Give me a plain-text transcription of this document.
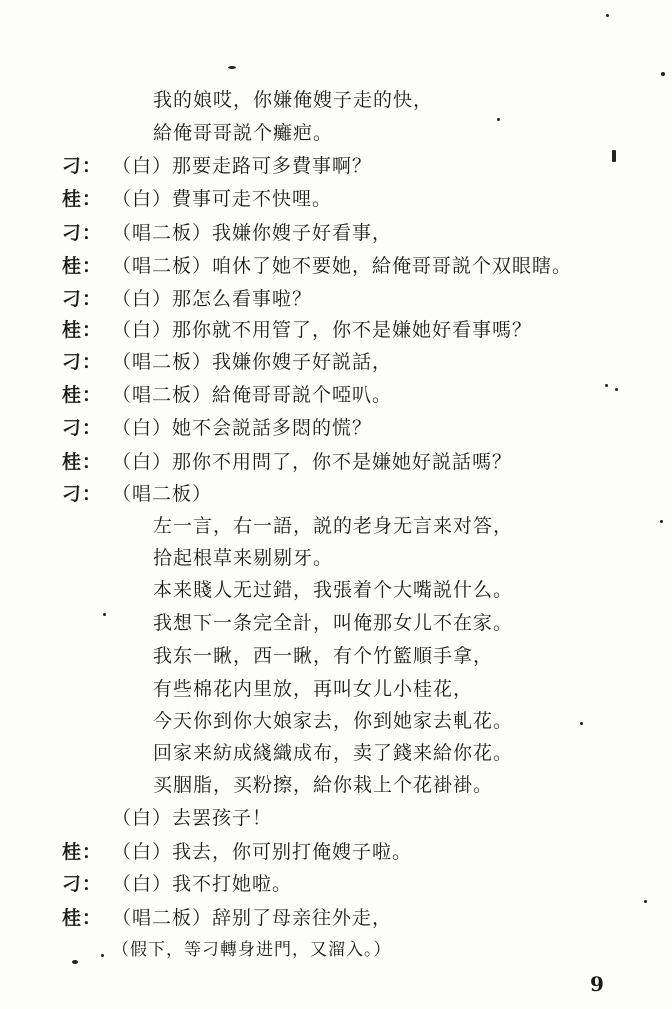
我的娘哎，你嫌俺嫂子走的快，
給俺哥哥説个癱疤。
刁： （白）那要走路可多費事啊？
桂： （白）費事可走不快哩。
刁： （唱二板）我嫌你嫂子好看事，
桂： （唱二板）咱休了她不要她，給俺哥哥説个双眼瞎。
刁： （白）那怎么看事啦？
桂： （白）那你就不用管了，你不是嫌她好看事嗎？
刁： （唱二板）我嫌你嫂子好説話，
桂： （唱二板）給俺哥哥説个啞叭。
刁： （白）她不会説話多悶的慌？
桂： （白）那你不用問了，你不是嫌她好説話嗎？
刁： （唱二板）
左一言，右一語，説的老身无言来对答，
拾起根草来剔剔牙。
本来賤人无过錯，我張着个大嘴説什么。
我想下一条完全計，叫俺那女儿不在家。
我东一瞅，西一瞅，有个竹籃順手拿，
有些棉花内里放，再叫女儿小桂花，
今天你到你大娘家去，你到她家去軋花。
回家来紡成綫織成布，卖了錢来給你花。
买胭脂，买粉擦，給你栽上个花褂褂。
（白）去罢孩子！
桂： （白）我去，你可别打俺嫂子啦。
刁： （白）我不打她啦。
桂： （唱二板）辞别了母亲往外走，
（假下，等刁轉身进門，又溜入。）
9
